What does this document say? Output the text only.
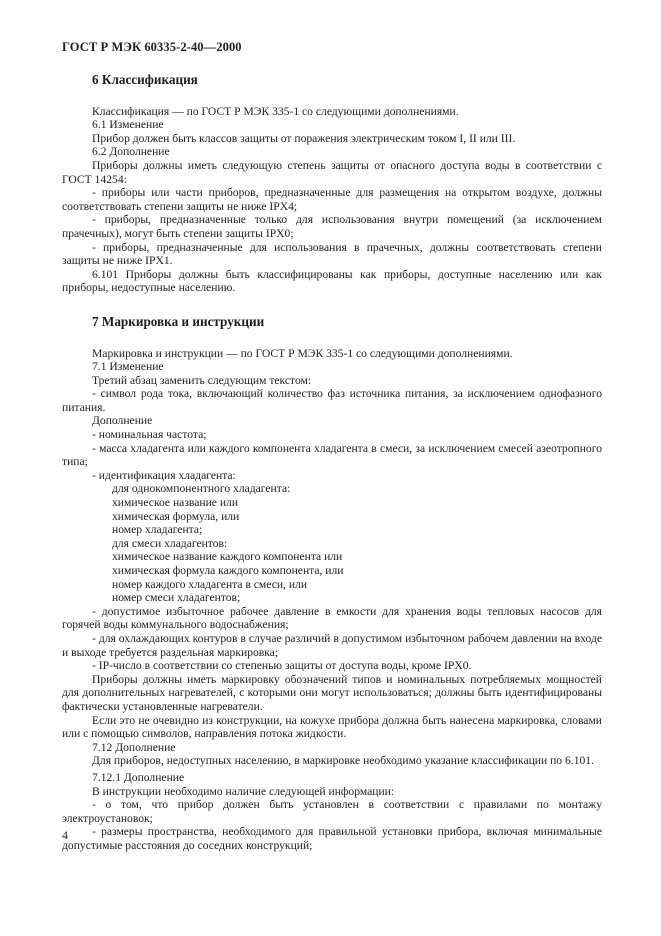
ГОСТ Р МЭК 60335-2-40—2000

6 Классификация

Классификация — по ГОСТ Р МЭК 335-1 со следующими дополнениями.

6.1 Изменение

Прибор должен быть классов защиты от поражения электрическим током I, II или III.

6.2 Дополнение

Приборы должны иметь следующую степень защиты от опасного доступа воды в соответствии с ГОСТ 14254:

- приборы или части приборов, предназначенные для размещения на открытом воздухе, должны соответствовать степени защиты не ниже IPX4;

- приборы, предназначенные только для использования внутри помещений (за исключением прачечных), могут быть степени защиты IPX0;

- приборы, предназначенные для использования в прачечных, должны соответствовать степени защиты не ниже IPX1.

6.101 Приборы должны быть классифицированы как приборы, доступные населению или как приборы, недоступные населению.

7 Маркировка и инструкции

Маркировка и инструкции — по ГОСТ Р МЭК 335-1 со следующими дополнениями.

7.1 Изменение

Третий абзац заменить следующим текстом:

- символ рода тока, включающий количество фаз источника питания, за исключением однофазного питания.

Дополнение

- номинальная частота;

- масса хладагента или каждого компонента хладагента в смеси, за исключением смесей азеотропного типа;

- идентификация хладагента:

для однокомпонентного хладагента:

химическое название или

химическая формула, или

номер хладагента;

для смеси хладагентов:

химическое название каждого компонента или

химическая формула каждого компонента, или

номер каждого хладагента в смеси, или

номер смеси хладагентов;

- допустимое избыточное рабочее давление в емкости для хранения воды тепловых насосов для горячей воды коммунального водоснабжения;

- для охлаждающих контуров в случае различий в допустимом избыточном рабочем давлении на входе и выходе требуется раздельная маркировка;

- IP-число в соответствии со степенью защиты от доступа воды, кроме IPX0.

Приборы должны иметь маркировку обозначений типов и номинальных потребляемых мощностей для дополнительных нагревателей, с которыми они могут использоваться; должны быть идентифицированы фактически установленные нагреватели.

Если это не очевидно из конструкции, на кожухе прибора должна быть нанесена маркировка, словами или с помощью символов, направления потока жидкости.

7.12 Дополнение

Для приборов, недоступных населению, в маркировке необходимо указание классификации по 6.101.

7.12.1 Дополнение

В инструкции необходимо наличие следующей информации:

- о том, что прибор должен быть установлен в соответствии с правилами по монтажу электроустановок;

- размеры пространства, необходимого для правильной установки прибора, включая минимальные допустимые расстояния до соседних конструкций;

4
